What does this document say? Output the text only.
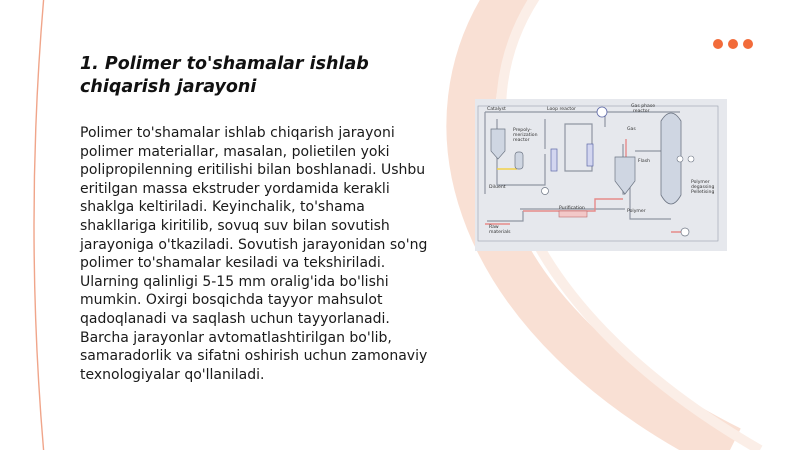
1. Polimer to'shamalar ishlab
chiqarish jarayoni

Polimer to'shamalar ishlab chiqarish jarayoni polimer materiallar, masalan, polietilen yoki polipropilenning eritilishi bilan boshlanadi. Ushbu eritilgan massa ekstruder yordamida kerakli shaklga keltiriladi. Keyinchalik, to'shama shakllariga kiritilib, sovuq suv bilan sovutish jarayoniga o'tkaziladi. Sovutish jarayonidan so'ng polimer to'shamalar kesiladi va tekshiriladi. Ularning qalinligi 5-15 mm oralig'ida bo'lishi mumkin. Oxirgi bosqichda tayyor mahsulot qadoqlanadi va saqlash uchun tayyorlanadi. Barcha jarayonlar avtomatlashtirilgan bo'lib, samaradorlik va sifatni oshirish uchun zamonaviy texnologiyalar qo'llaniladi.

Catalyst	Loop reactor
Gas phase
reactor
Prepoly-
merization
reactor
Gas
Flash
Diluent
Polymer
Purification
Raw
materials
Polymer
degassing
Pelletising
